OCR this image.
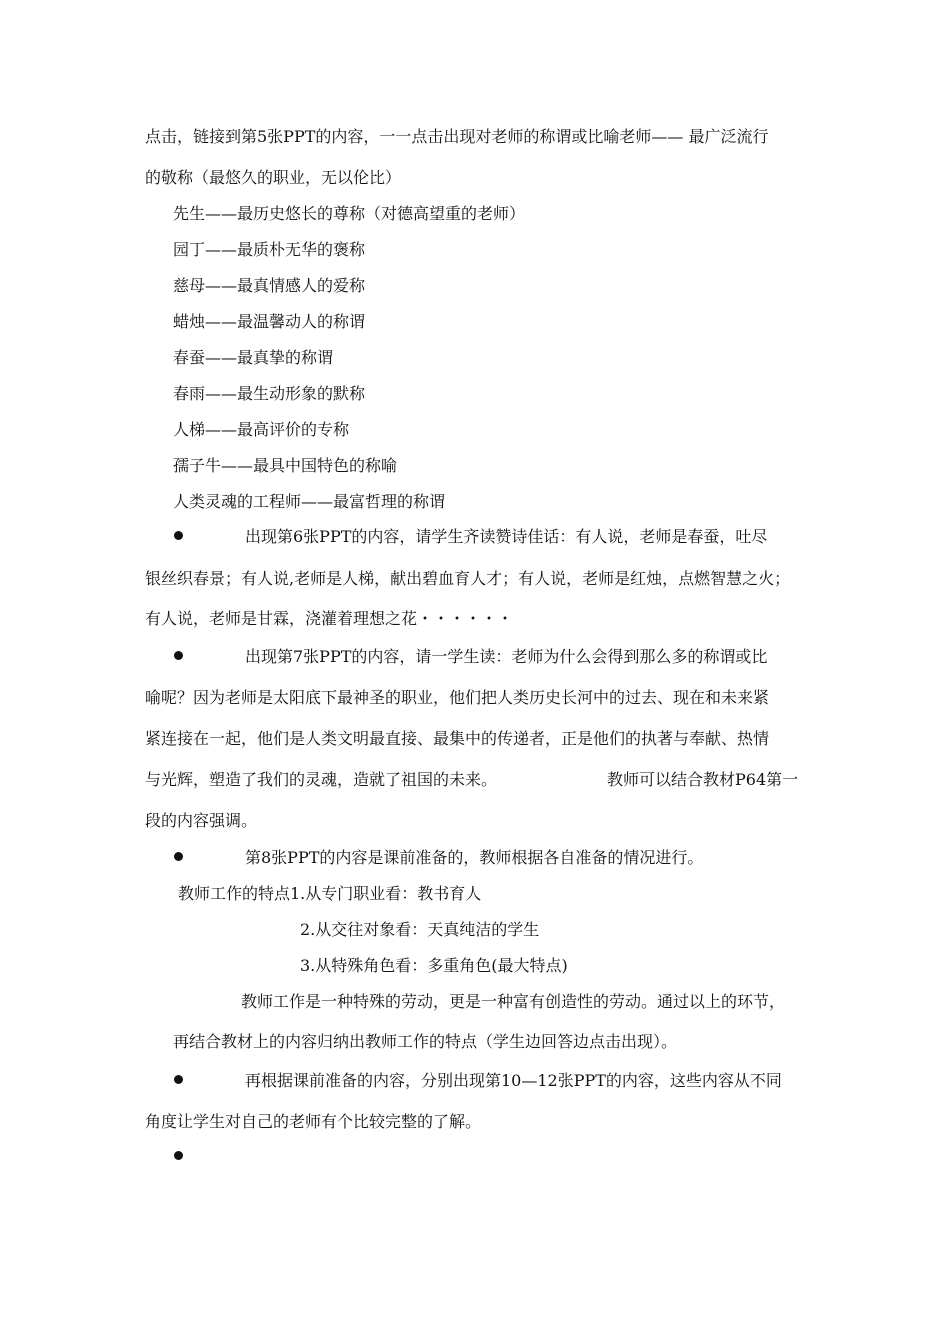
点击，链接到第5张PPT的内容，一一点击出现对老师的称谓或比喻老师—— 最广泛流行
的敬称（最悠久的职业，无以伦比）
先生——最历史悠长的尊称（对德高望重的老师）
园丁——最质朴无华的褒称
慈母——最真情感人的爱称
蜡烛——最温馨动人的称谓
春蚕——最真挚的称谓
春雨——最生动形象的默称
人梯——最高评价的专称
孺子牛——最具中国特色的称喻
人类灵魂的工程师——最富哲理的称谓
出现第6张PPT的内容，请学生齐读赞诗佳话：有人说，老师是春蚕，吐尽
银丝织春景；有人说,老师是人梯，献出碧血育人才；有人说，老师是红烛，点燃智慧之火；
有人说，老师是甘霖，浇灌着理想之花・・・・・・
出现第7张PPT的内容，请一学生读：老师为什么会得到那么多的称谓或比
喻呢？因为老师是太阳底下最神圣的职业，他们把人类历史长河中的过去、现在和未来紧
紧连接在一起，他们是人类文明最直接、最集中的传递者，正是他们的执著与奉献、热情
与光辉，塑造了我们的灵魂，造就了祖国的未来。	教师可以结合教材P64第一
段的内容强调。
第8张PPT的内容是课前准备的，教师根据各自准备的情况进行。
教师工作的特点1.从专门职业看：教书育人
2.从交往对象看：天真纯洁的学生
3.从特殊角色看：多重角色(最大特点)
教师工作是一种特殊的劳动，更是一种富有创造性的劳动。通过以上的环节，
再结合教材上的内容归纳出教师工作的特点（学生边回答边点击出现）。
再根据课前准备的内容，分别出现第10—12张PPT的内容，这些内容从不同
角度让学生对自己的老师有个比较完整的了解。
